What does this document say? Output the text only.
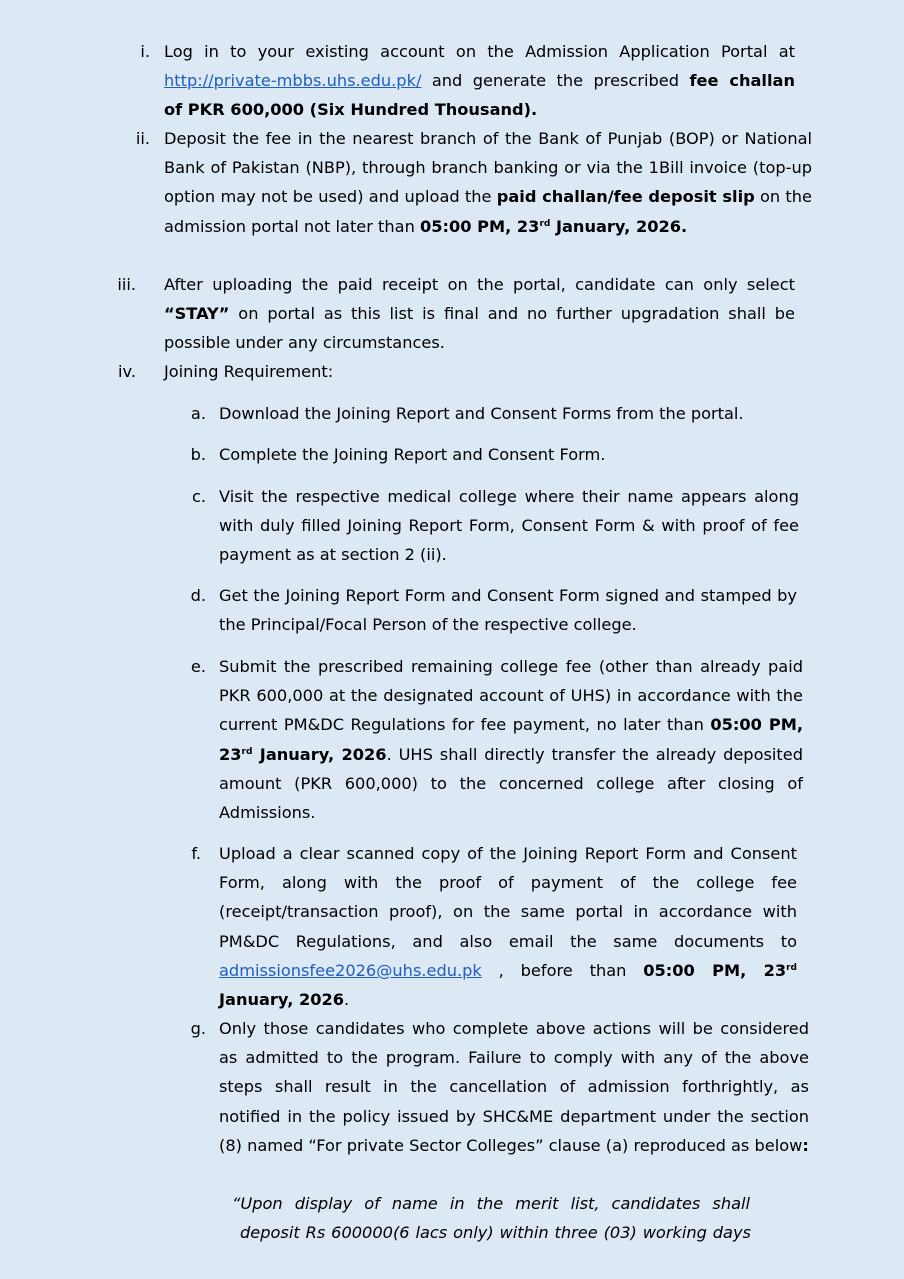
i. Log in to your existing account on the Admission Application Portal at
http://private-mbbs.uhs.edu.pk/ and generate the prescribed fee challan
of PKR 600,000 (Six Hundred Thousand).
ii. Deposit the fee in the nearest branch of the Bank of Punjab (BOP) or National Bank of Pakistan (NBP), through branch banking or via the 1Bill invoice (top-up option may not be used) and upload the paid challan/fee deposit slip on the admission portal not later than 05:00 PM, 23rd January, 2026.
iii. After uploading the paid receipt on the portal, candidate can only select “STAY” on portal as this list is final and no further upgradation shall be possible under any circumstances.
iv. Joining Requirement:
a. Download the Joining Report and Consent Forms from the portal.
b. Complete the Joining Report and Consent Form.
c. Visit the respective medical college where their name appears along with duly filled Joining Report Form, Consent Form & with proof of fee payment as at section 2 (ii).
d. Get the Joining Report Form and Consent Form signed and stamped by the Principal/Focal Person of the respective college.
e. Submit the prescribed remaining college fee (other than already paid PKR 600,000 at the designated account of UHS) in accordance with the current PM&DC Regulations for fee payment, no later than 05:00 PM, 23rd January, 2026. UHS shall directly transfer the already deposited amount (PKR 600,000) to the concerned college after closing of Admissions.
f. Upload a clear scanned copy of the Joining Report Form and Consent Form, along with the proof of payment of the college fee (receipt/transaction proof), on the same portal in accordance with PM&DC Regulations, and also email the same documents to admissionsfee2026@uhs.edu.pk , before than 05:00 PM, 23rd January, 2026.
g. Only those candidates who complete above actions will be considered as admitted to the program. Failure to comply with any of the above steps shall result in the cancellation of admission forthrightly, as notified in the policy issued by SHC&ME department under the section (8) named “For private Sector Colleges” clause (a) reproduced as below:
“Upon display of name in the merit list, candidates shall
deposit Rs 600000(6 lacs only) within three (03) working days
